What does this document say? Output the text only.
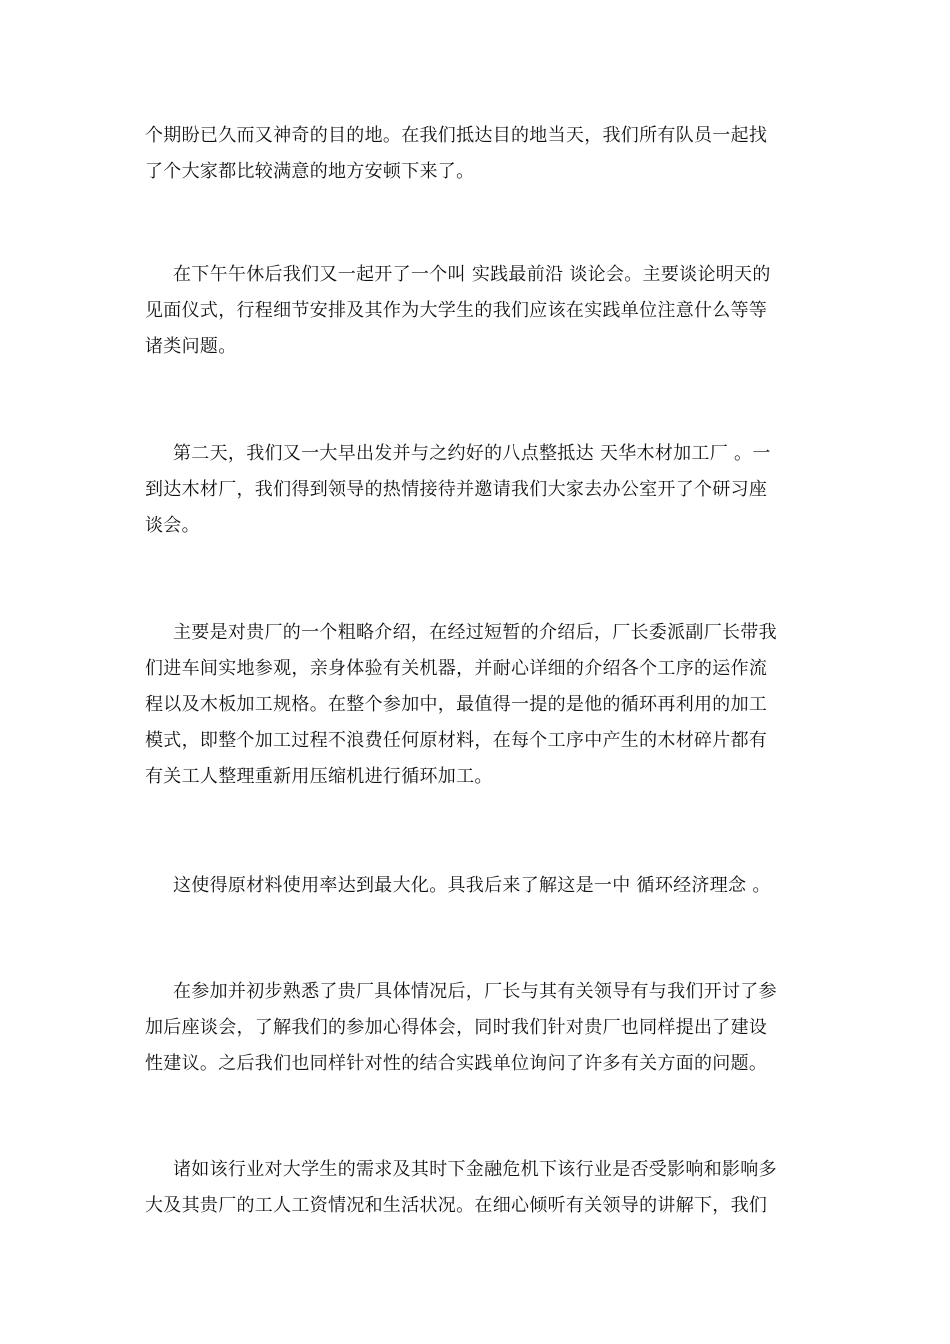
个期盼已久而又神奇的目的地。在我们抵达目的地当天，我们所有队员一起找
了个大家都比较满意的地方安顿下来了。
在下午午休后我们又一起开了一个叫 实践最前沿 谈论会。主要谈论明天的
见面仪式，行程细节安排及其作为大学生的我们应该在实践单位注意什么等等
诸类问题。
第二天，我们又一大早出发并与之约好的八点整抵达 天华木材加工厂 。一
到达木材厂，我们得到领导的热情接待并邀请我们大家去办公室开了个研习座
谈会。
主要是对贵厂的一个粗略介绍，在经过短暂的介绍后，厂长委派副厂长带我
们进车间实地参观，亲身体验有关机器，并耐心详细的介绍各个工序的运作流
程以及木板加工规格。在整个参加中，最值得一提的是他的循环再利用的加工
模式，即整个加工过程不浪费任何原材料，在每个工序中产生的木材碎片都有
有关工人整理重新用压缩机进行循环加工。
这使得原材料使用率达到最大化。具我后来了解这是一中 循环经济理念 。
在参加并初步熟悉了贵厂具体情况后，厂长与其有关领导有与我们开讨了参
加后座谈会，了解我们的参加心得体会，同时我们针对贵厂也同样提出了建设
性建议。之后我们也同样针对性的结合实践单位询问了许多有关方面的问题。
诸如该行业对大学生的需求及其时下金融危机下该行业是否受影响和影响多
大及其贵厂的工人工资情况和生活状况。在细心倾听有关领导的讲解下，我们
